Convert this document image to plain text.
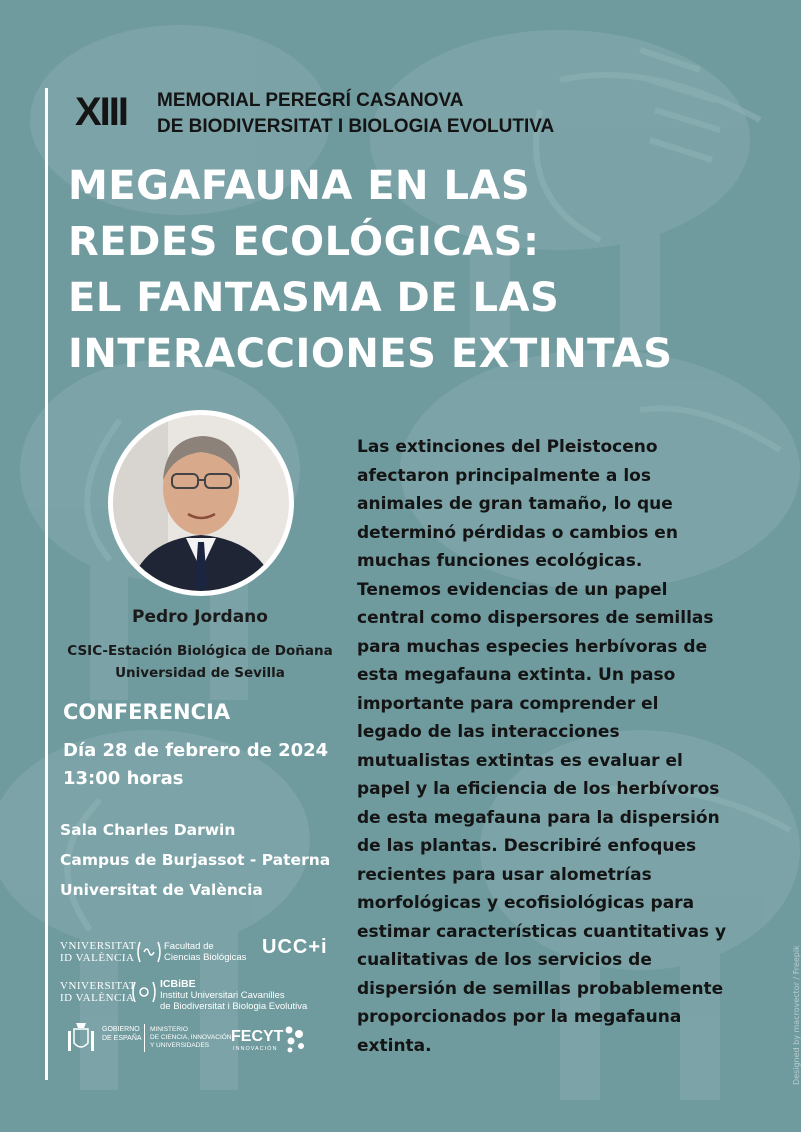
XIII MEMORIAL PEREGRÍ CASANOVA
DE BIODIVERSITAT I BIOLOGIA EVOLUTIVA
MEGAFAUNA EN LAS
REDES ECOLÓGICAS:
EL FANTASMA DE LAS
INTERACCIONES EXTINTAS
Pedro Jordano
CSIC-Estación Biológica de Doñana
Universidad de Sevilla
CONFERENCIA
Día 28 de febrero de 2024
13:00 horas
Sala Charles Darwin
Campus de Burjassot - Paterna
Universitat de València
Las extinciones del Pleistoceno
afectaron principalmente a los
animales de gran tamaño, lo que
determinó pérdidas o cambios en
muchas funciones ecológicas.
Tenemos evidencias de un papel
central como dispersores de semillas
para muchas especies herbívoras de
esta megafauna extinta. Un paso
importante para comprender el
legado de las interacciones
mutualistas extintas es evaluar el
papel y la eficiencia de los herbívoros
de esta megafauna para la dispersión
de las plantas. Describiré enfoques
recientes para usar alometrías
morfológicas y ecofisiológicas para
estimar características cuantitativas y
cualitativas de los servicios de
dispersión de semillas probablemente
proporcionados por la megafauna
extinta.
VNIVERSITAT
ID VALÈNCIA
Facultad de
Ciencias Biológicas UCC+i
VNIVERSITAT
ID VALÈNCIA
ICBiBE
Institut Universitari Cavanilles
de Biodiversitat i Biologia Evolutiva
GOBIERNO
DE ESPAÑA
MINISTERIO
DE CIENCIA, INNOVACIÓN
Y UNIVERSIDADES
FECYT
INNOVACIÓN	Designed by macrovector / Freepik
